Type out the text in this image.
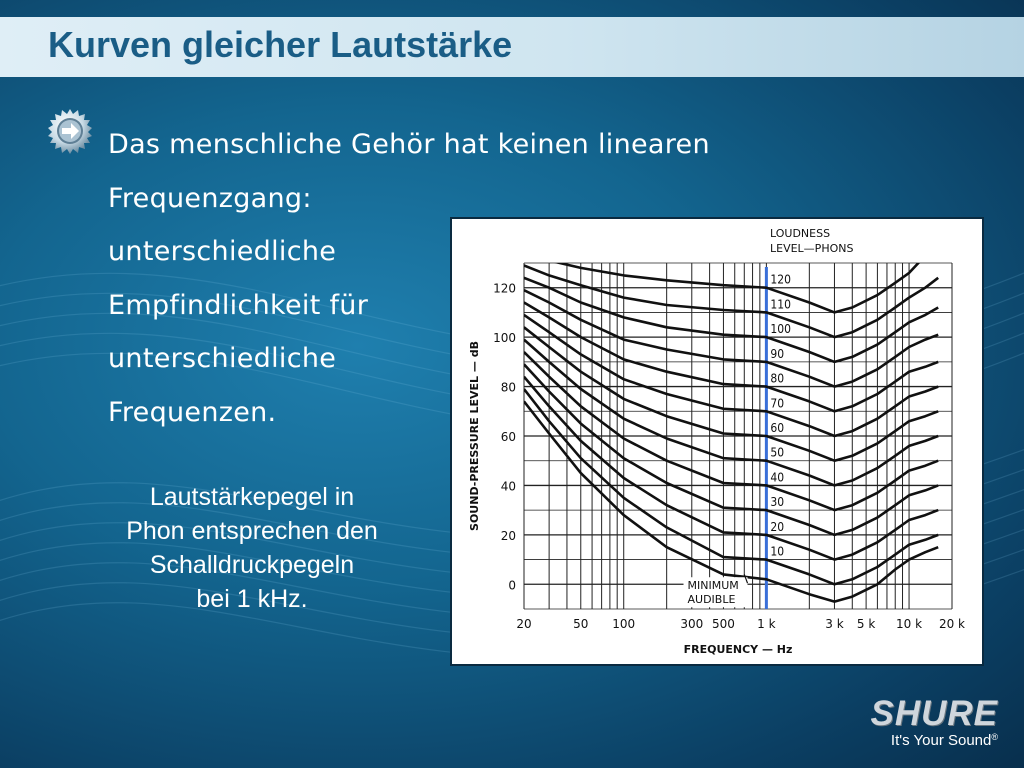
Kurven gleicher Lautstärke
Das menschliche Gehör hat keinen linearen
Frequenzgang:
unterschiedliche
Empfindlichkeit für
unterschiedliche
Frequenzen.
Lautstärkepegel in
Phon entsprechen den
Schalldruckpegeln
bei 1 kHz.
120
110
100
90
80
70
60
50
40
30
20
10
LOUDNESS
LEVEL—PHONS
MINIMUM
AUDIBLE
0
20
40
60
80
100
120
20	50 100	300 500 1 k	3 k 5 k 10 k 20 k
FREQUENCY — Hz
SOUND-PRESSURE LEVEL — dB
SHURE
It's Your Sound®
